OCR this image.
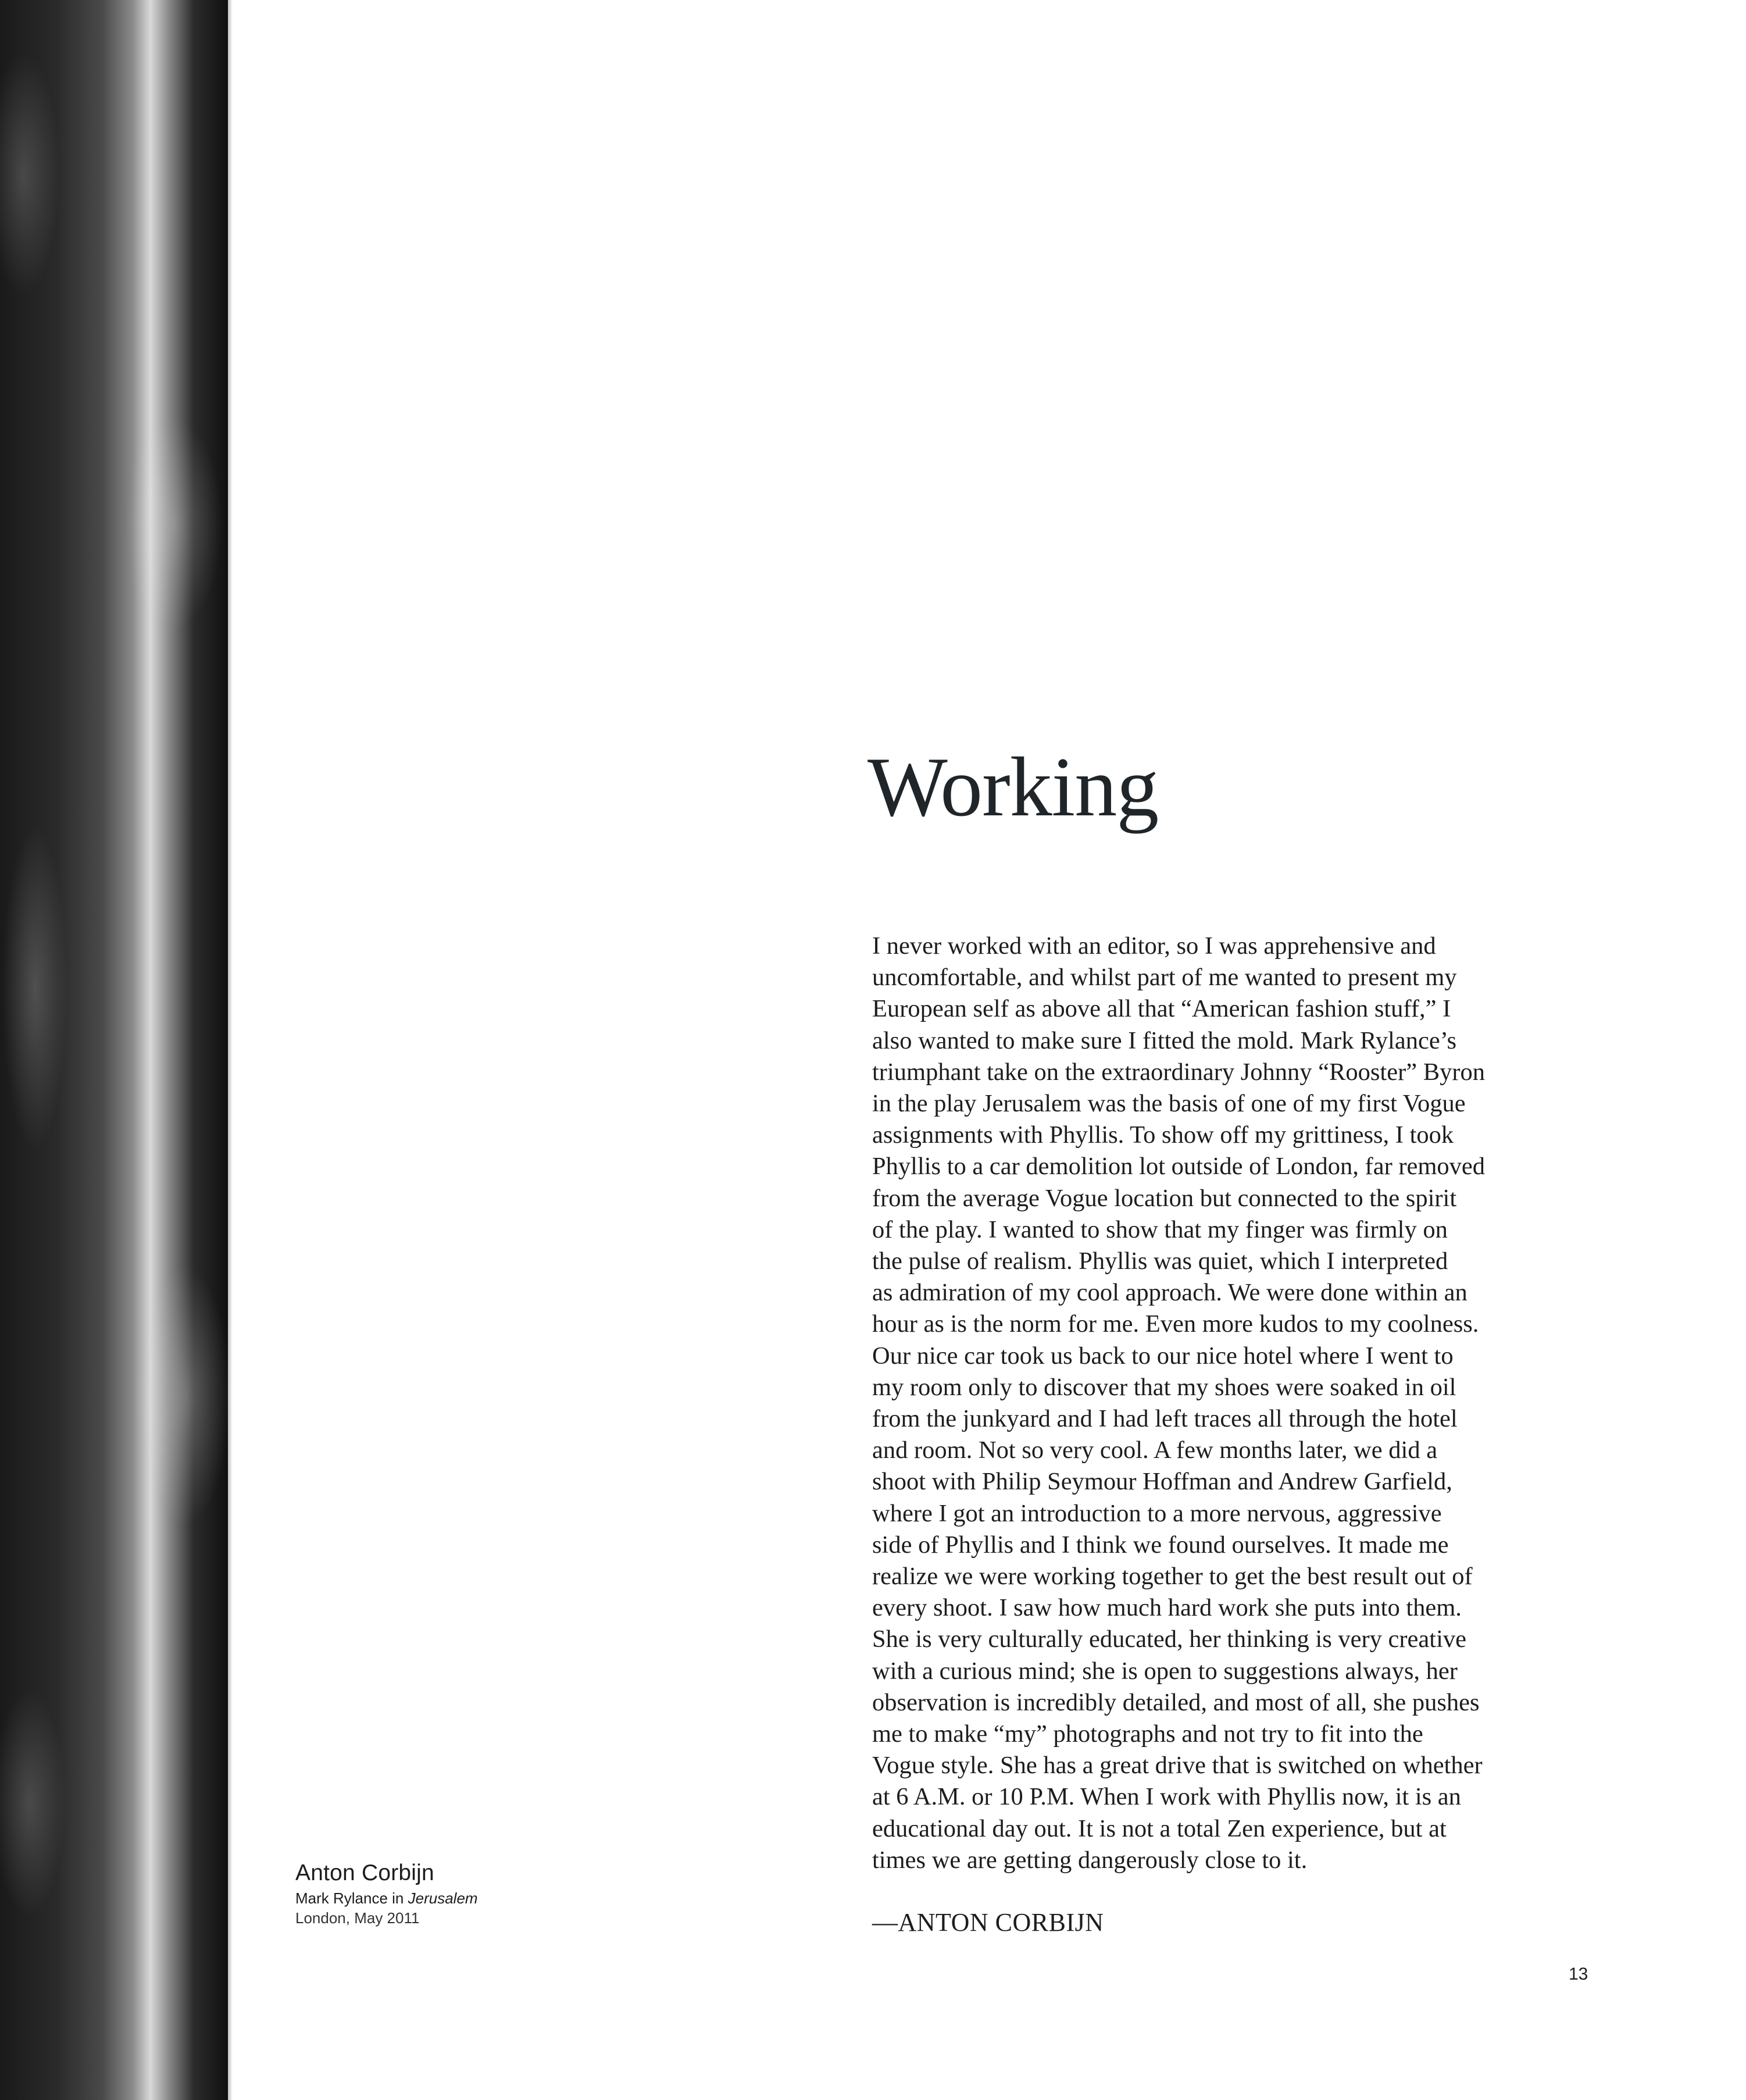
Working

I never worked with an editor, so I was apprehensive and
uncomfortable, and whilst part of me wanted to present my
European self as above all that “American fashion stuff,” I
also wanted to make sure I fitted the mold. Mark Rylance’s
triumphant take on the extraordinary Johnny “Rooster” Byron
in the play Jerusalem was the basis of one of my first Vogue
assignments with Phyllis. To show off my grittiness, I took
Phyllis to a car demolition lot outside of London, far removed
from the average Vogue location but connected to the spirit
of the play. I wanted to show that my finger was firmly on
the pulse of realism. Phyllis was quiet, which I interpreted
as admiration of my cool approach. We were done within an
hour as is the norm for me. Even more kudos to my coolness.
Our nice car took us back to our nice hotel where I went to
my room only to discover that my shoes were soaked in oil
from the junkyard and I had left traces all through the hotel
and room. Not so very cool. A few months later, we did a
shoot with Philip Seymour Hoffman and Andrew Garfield,
where I got an introduction to a more nervous, aggressive
side of Phyllis and I think we found ourselves. It made me
realize we were working together to get the best result out of
every shoot. I saw how much hard work she puts into them.
She is very culturally educated, her thinking is very creative
with a curious mind; she is open to suggestions always, her
observation is incredibly detailed, and most of all, she pushes
me to make “my” photographs and not try to fit into the
Vogue style. She has a great drive that is switched on whether
at 6 A.M. or 10 P.M. When I work with Phyllis now, it is an
educational day out. It is not a total Zen experience, but at
times we are getting dangerously close to it.

—ANTON CORBIJN

Anton Corbijn
Mark Rylance in Jerusalem
London, May 2011
13
